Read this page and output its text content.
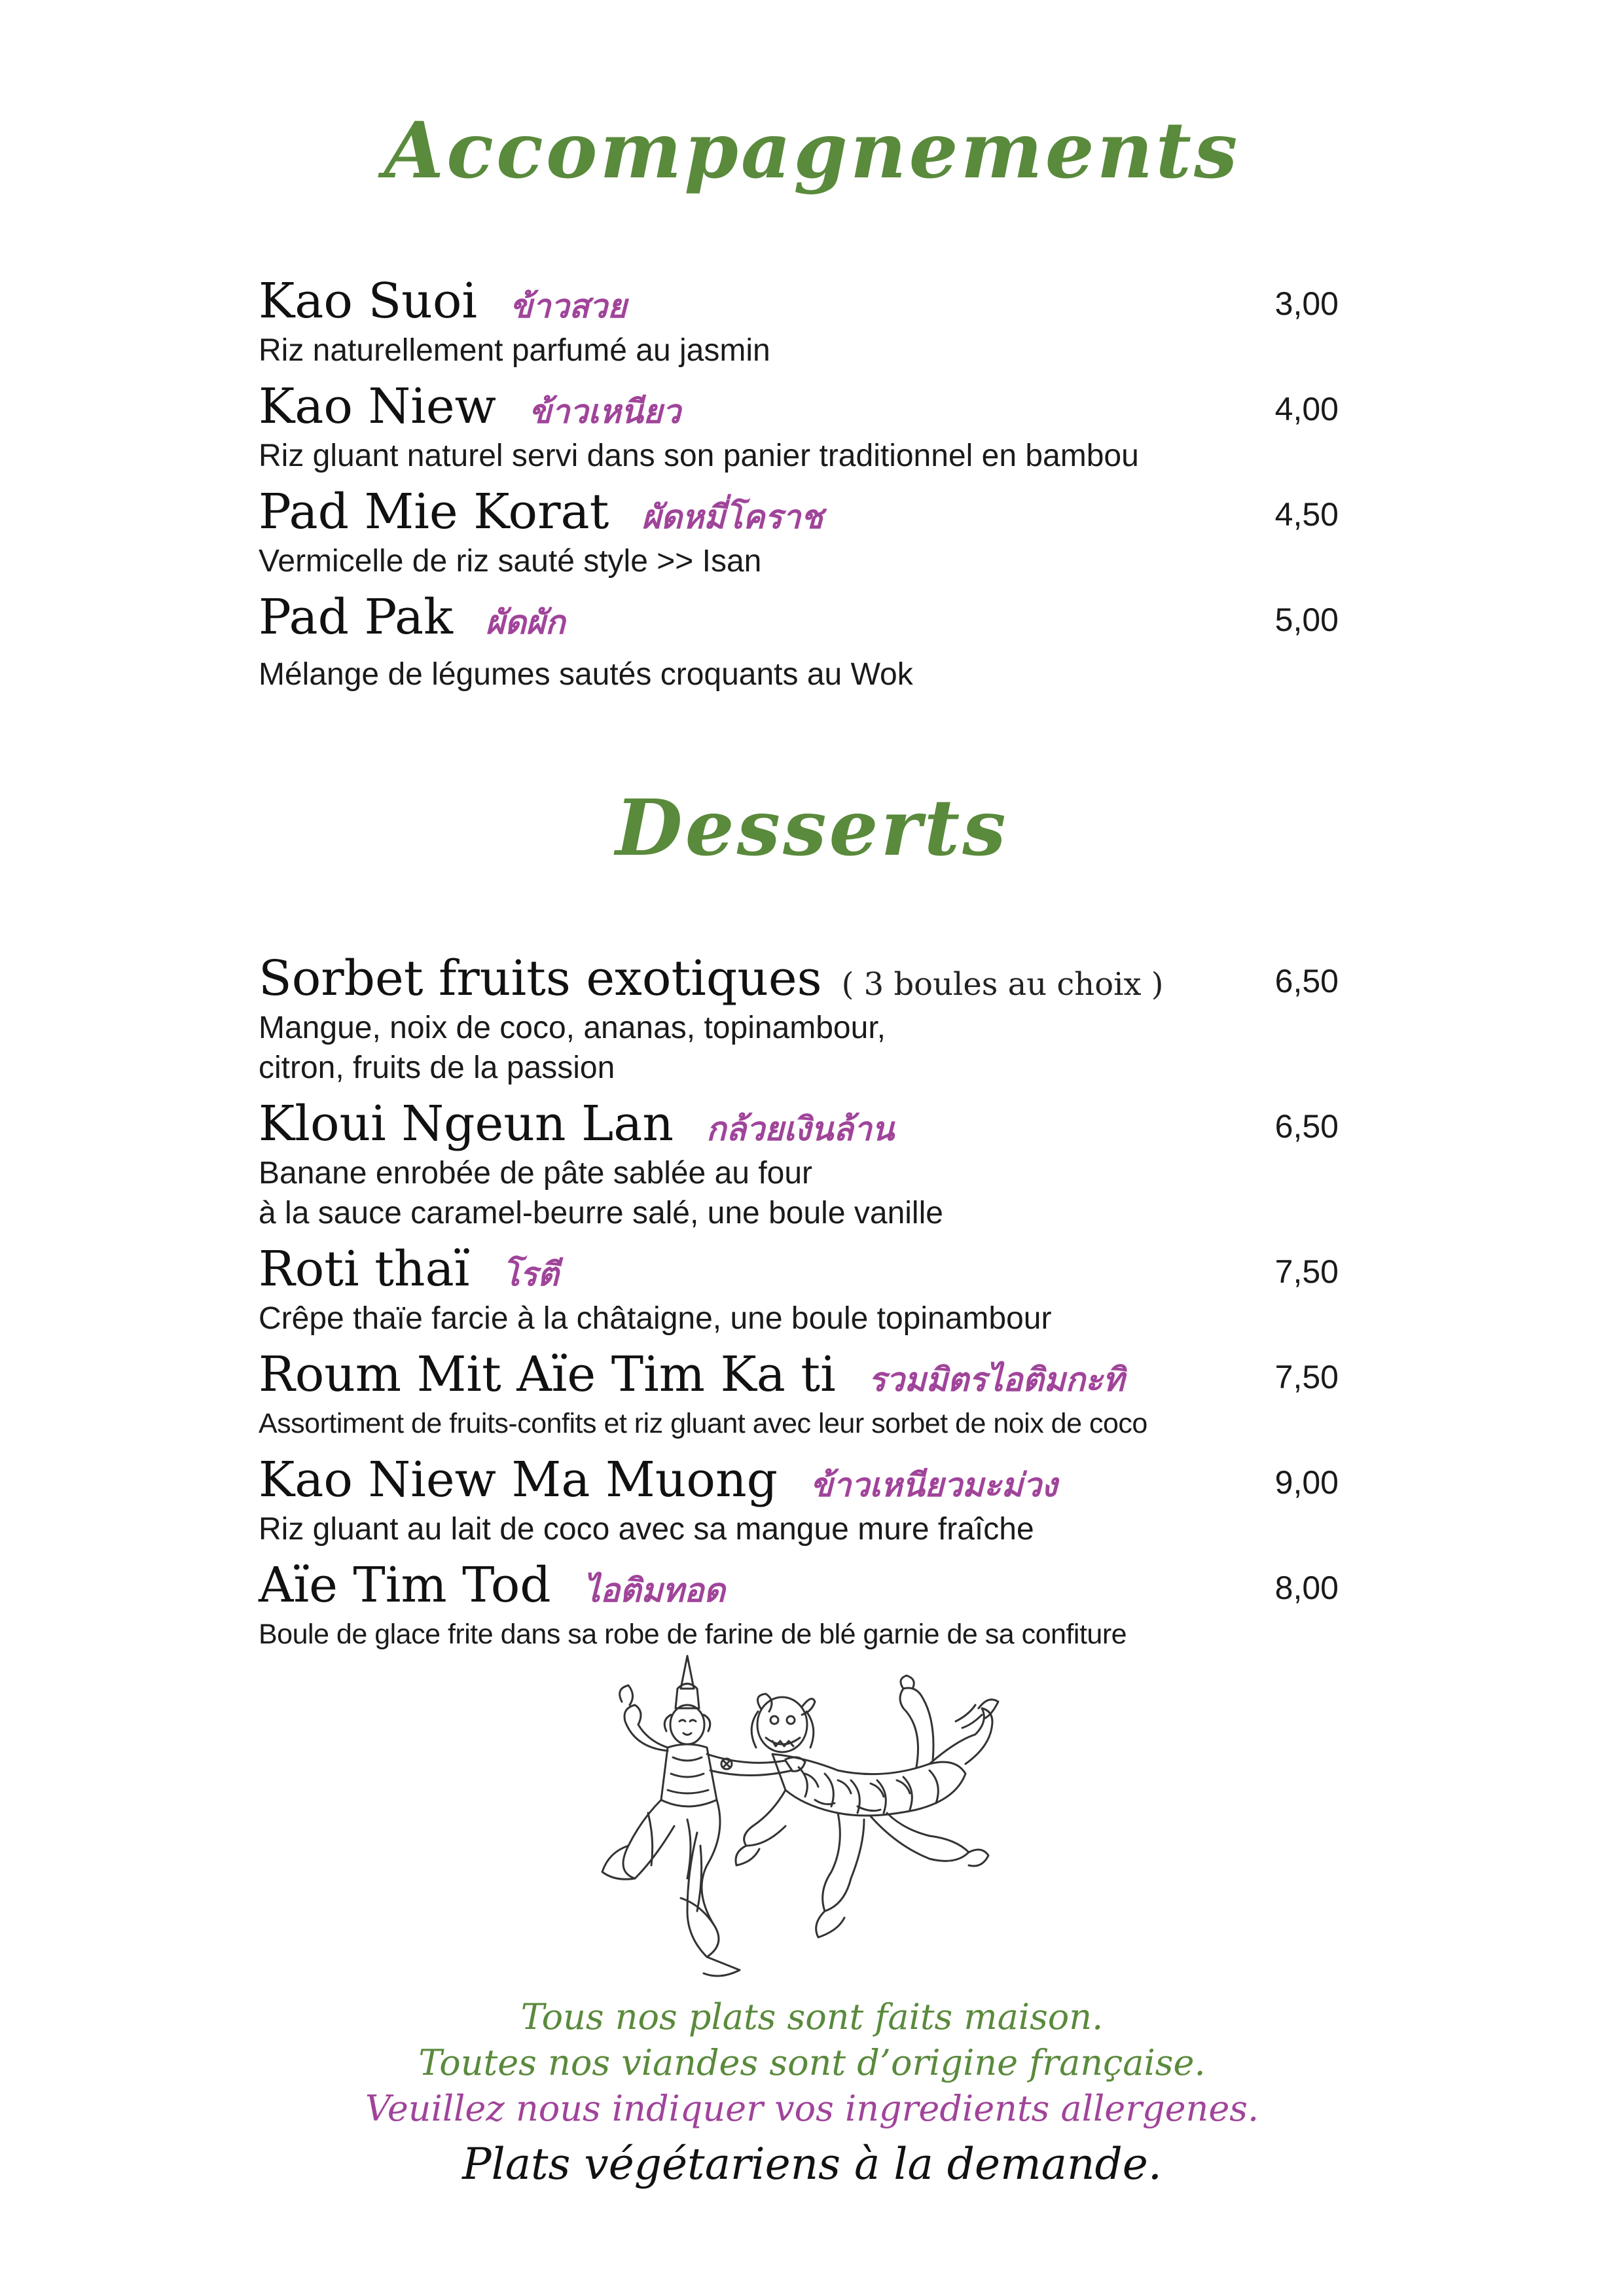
Accompagnements
Kao Suoi ข้าวสวย	3,00
Riz naturellement parfumé au jasmin
Kao Niew ข้าวเหนียว	4,00
Riz gluant naturel servi dans son panier traditionnel en bambou
Pad Mie Korat ผัดหมี่โคราช	4,50
Vermicelle de riz sauté style >> Isan
Pad Pak ผัดผัก	5,00
Mélange de légumes sautés croquants au Wok
Desserts
Sorbet fruits exotiques ( 3 boules au choix )	6,50
Mangue, noix de coco, ananas, topinambour,
citron, fruits de la passion
Kloui Ngeun Lan กล้วยเงินล้าน	6,50
Banane enrobée de pâte sablée au four
à la sauce caramel-beurre salé, une boule vanille
Roti thaï โรตี	7,50
Crêpe thaïe farcie à la châtaigne, une boule topinambour
Roum Mit Aïe Tim Ka ti รวมมิตรไอติมกะทิ	7,50
Assortiment de fruits-confits et riz gluant avec leur sorbet de noix de coco
Kao Niew Ma Muong ข้าวเหนียวมะม่วง	9,00
Riz gluant au lait de coco avec sa mangue mure fraîche
Aïe Tim Tod ไอติมทอด	8,00
Boule de glace frite dans sa robe de farine de blé garnie de sa confiture

Tous nos plats sont faits maison.

Toutes nos viandes sont d’origine française.

Veuillez nous indiquer vos ingredients allergenes.

Plats végétariens à la demande.
